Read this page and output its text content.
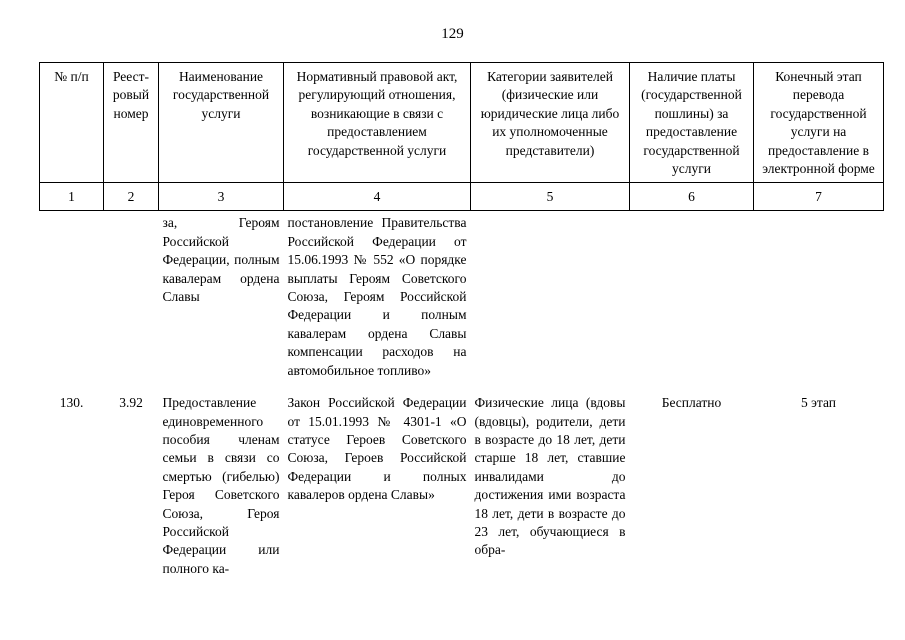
129
№ п/п	Реест-ровый номер	Наименование государственной услуги	Нормативный правовой акт, регулирующий отношения, возникающие в связи с предоставлением государственной услуги	Категории заявителей (физические или юридические лица либо их уполномоченные представители)	Наличие платы (государственной пошлины) за предоставление государственной услуги	Конечный этап перевода государственной услуги на предоставление в электронной форме
1	2	3	4	5	6	7
		за, Героям Российской Федерации, полным кавалерам ордена Славы	постановление Правительства Российской Федерации от 15.06.1993 № 552 «О порядке выплаты Героям Советского Союза, Героям Российской Федерации и полным кавалерам ордена Славы компенсации расходов на автомобильное топливо»			

130.	3.92	Предоставление единовременного пособия членам семьи в связи со смертью (гибелью) Героя Советского Союза, Героя Российской Федерации или полного ка-	Закон Российской Федерации от 15.01.1993 № 4301-1 «О статусе Героев Советского Союза, Героев Российской Федерации и полных кавалеров ордена Славы»	Физические лица (вдовы (вдовцы), родители, дети в возрасте до 18 лет, дети старше 18 лет, ставшие инвалидами до достижения ими возраста 18 лет, дети в возрасте до 23 лет, обучающиеся в обра-	Бесплатно	5 этап
